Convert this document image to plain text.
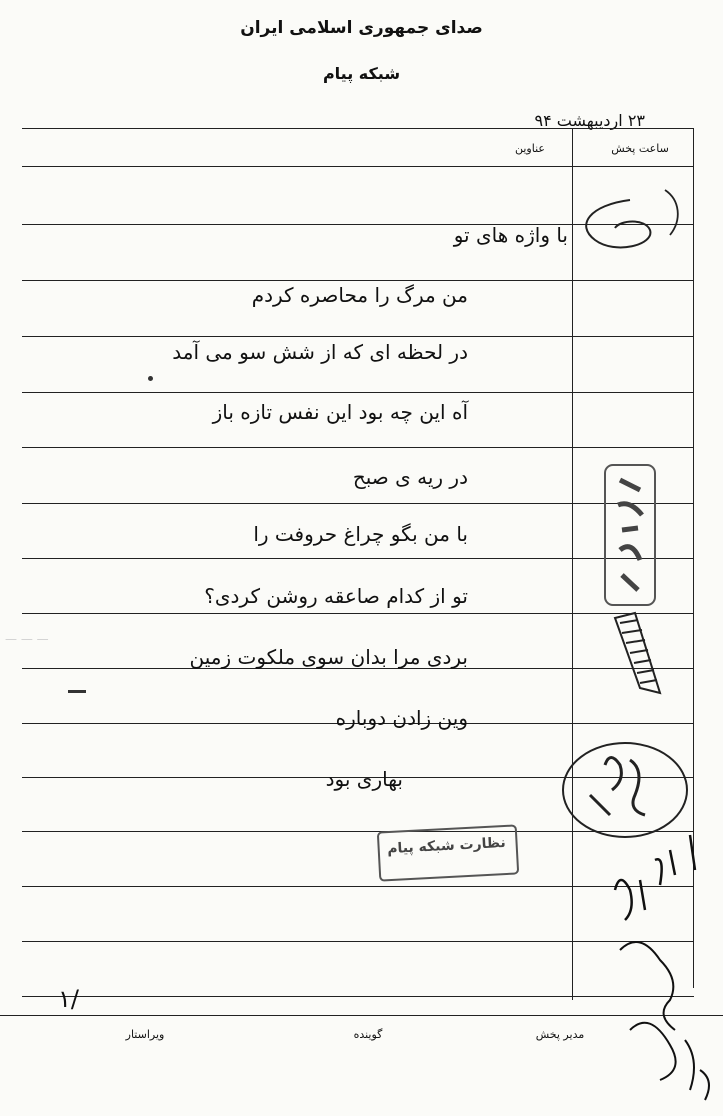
صدای جمهوری اسلامی ایران
شبکه پیام
۲۳ اردیبهشت ۹۴
ساعت پخش
عناوین
با واژه های تو
من مرگ را محاصره کردم
در لحظه ای که از شش سو می آمد
آه این چه بود این نفس تازه باز
در ریه ی صبح
با من بگو چراغ حروفت را
تو از کدام صاعقه روشن کردی؟
بردی مرا بدان سوی ملکوت زمین
وین زادن دوباره
بهاری بود
— — —
نظارت شبکه پیام
۱/
ویراستار	گوینده	مدیر پخش
